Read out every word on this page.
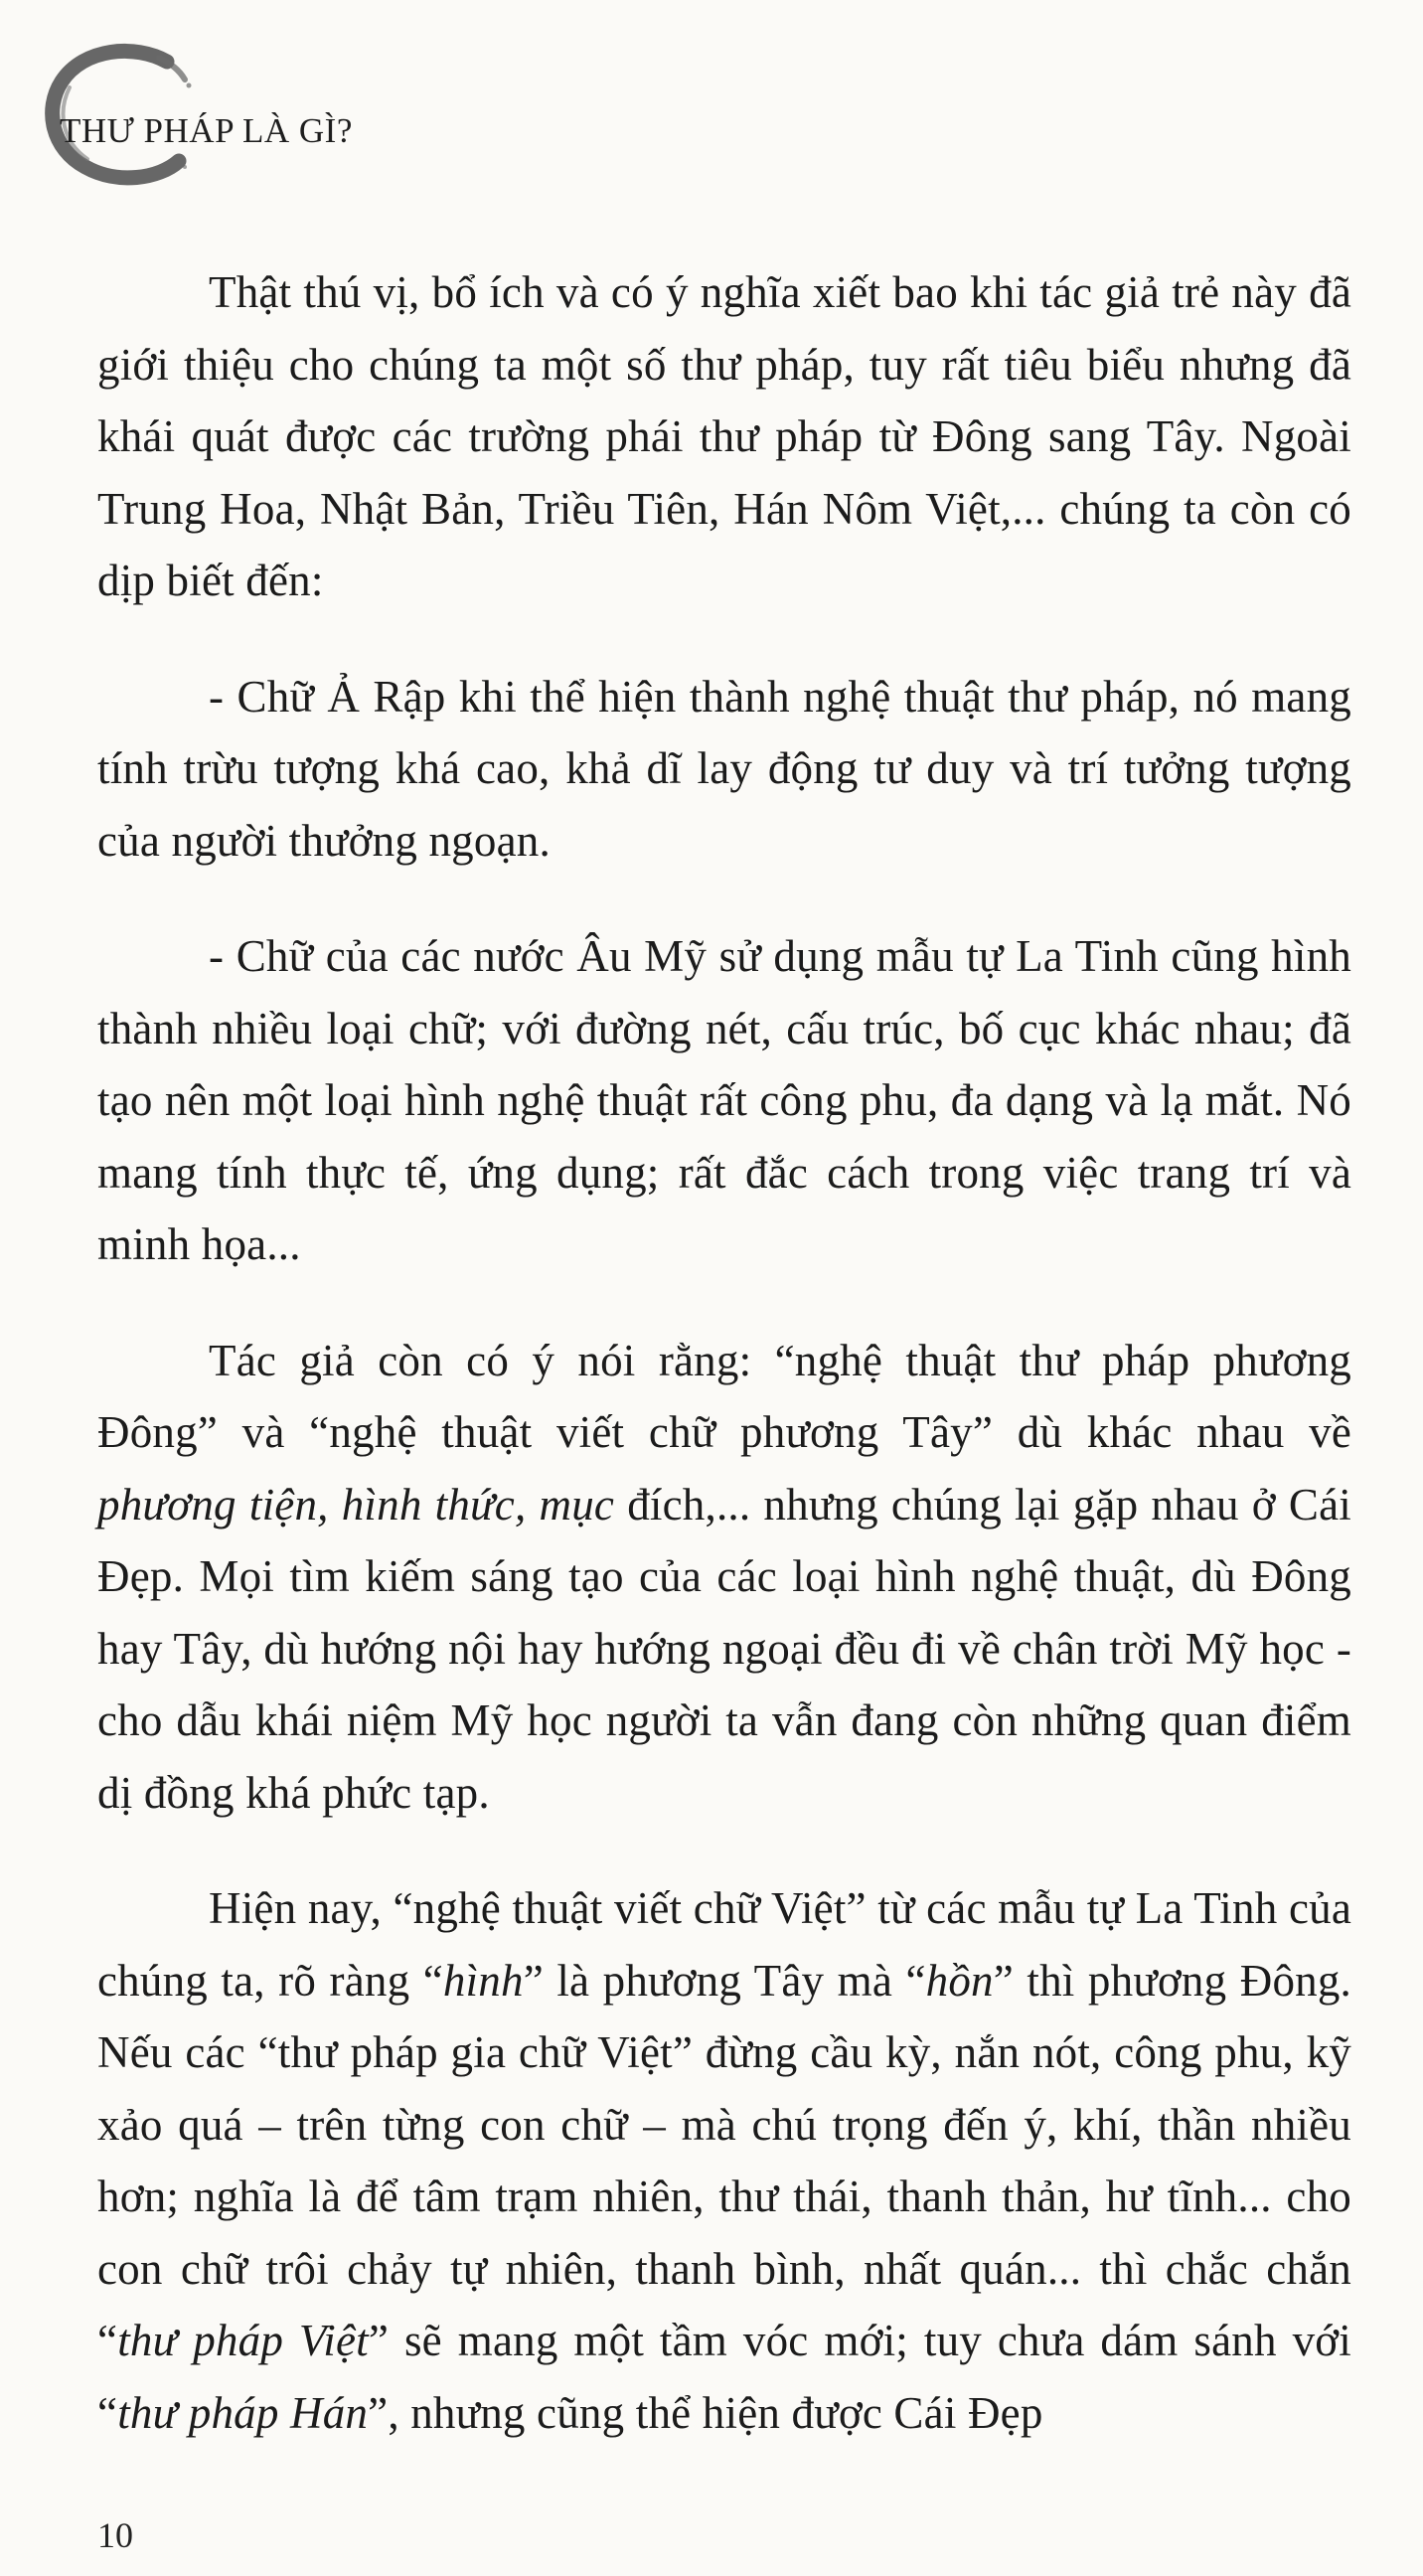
THƯ PHÁP LÀ GÌ?

Thật thú vị, bổ ích và có ý nghĩa xiết bao khi tác giả trẻ này đã giới thiệu cho chúng ta một số thư pháp, tuy rất tiêu biểu nhưng đã khái quát được các trường phái thư pháp từ Đông sang Tây. Ngoài Trung Hoa, Nhật Bản, Triều Tiên, Hán Nôm Việt,... chúng ta còn có dịp biết đến:

- Chữ Ả Rập khi thể hiện thành nghệ thuật thư pháp, nó mang tính trừu tượng khá cao, khả dĩ lay động tư duy và trí tưởng tượng của người thưởng ngoạn.

- Chữ của các nước Âu Mỹ sử dụng mẫu tự La Tinh cũng hình thành nhiều loại chữ; với đường nét, cấu trúc, bố cục khác nhau; đã tạo nên một loại hình nghệ thuật rất công phu, đa dạng và lạ mắt. Nó mang tính thực tế, ứng dụng; rất đắc cách trong việc trang trí và minh họa...

Tác giả còn có ý nói rằng: “nghệ thuật thư pháp phương Đông” và “nghệ thuật viết chữ phương Tây” dù khác nhau về phương tiện, hình thức, mục đích,... nhưng chúng lại gặp nhau ở Cái Đẹp. Mọi tìm kiếm sáng tạo của các loại hình nghệ thuật, dù Đông hay Tây, dù hướng nội hay hướng ngoại đều đi về chân trời Mỹ học - cho dẫu khái niệm Mỹ học người ta vẫn đang còn những quan điểm dị đồng khá phức tạp.

Hiện nay, “nghệ thuật viết chữ Việt” từ các mẫu tự La Tinh của chúng ta, rõ ràng “hình” là phương Tây mà “hồn” thì phương Đông. Nếu các “thư pháp gia chữ Việt” đừng cầu kỳ, nắn nót, công phu, kỹ xảo quá – trên từng con chữ – mà chú trọng đến ý, khí, thần nhiều hơn; nghĩa là để tâm trạm nhiên, thư thái, thanh thản, hư tĩnh... cho con chữ trôi chảy tự nhiên, thanh bình, nhất quán... thì chắc chắn “thư pháp Việt” sẽ mang một tầm vóc mới; tuy chưa dám sánh với “thư pháp Hán”, nhưng cũng thể hiện được Cái Đẹp

10
